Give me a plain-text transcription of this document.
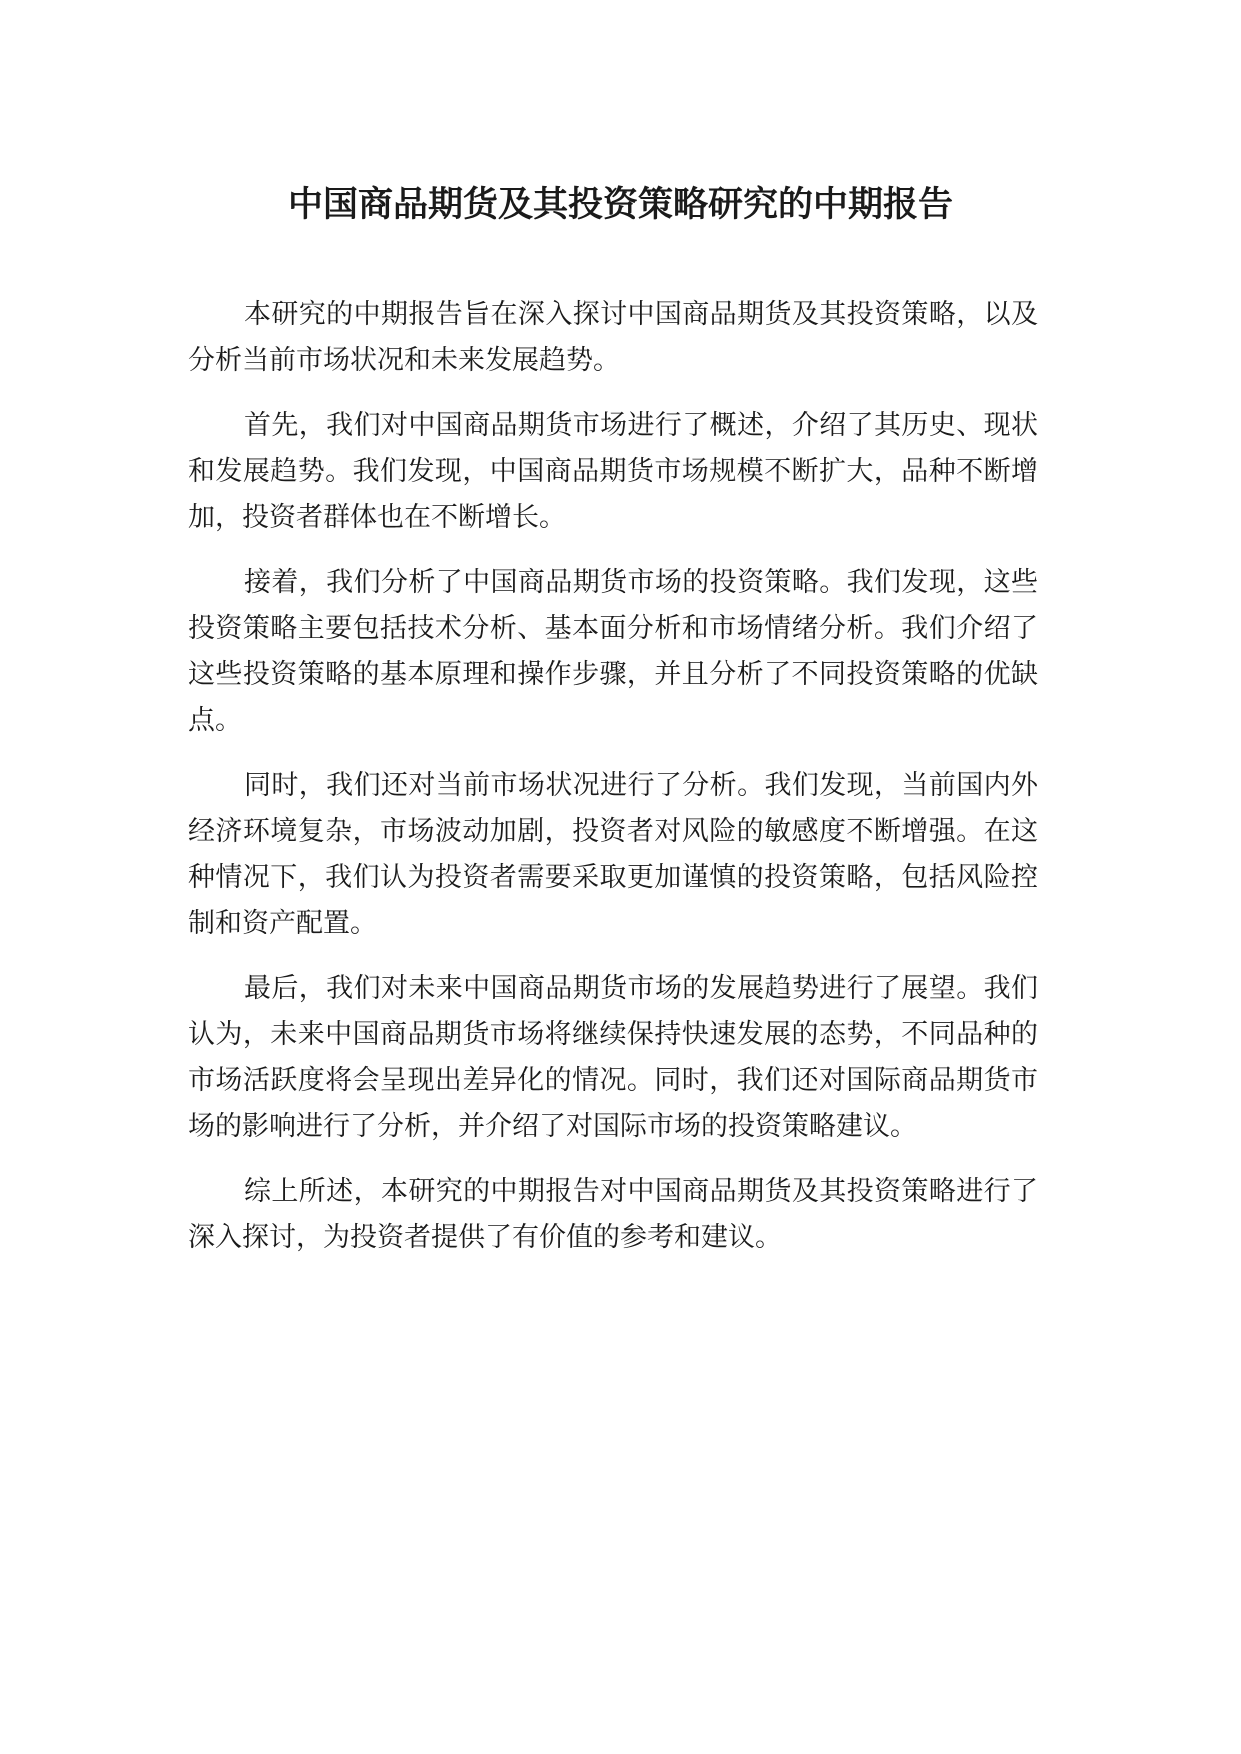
中国商品期货及其投资策略研究的中期报告

本研究的中期报告旨在深入探讨中国商品期货及其投资策略，以及分析当前市场状况和未来发展趋势。

首先，我们对中国商品期货市场进行了概述，介绍了其历史、现状和发展趋势。我们发现，中国商品期货市场规模不断扩大，品种不断增加，投资者群体也在不断增长。

接着，我们分析了中国商品期货市场的投资策略。我们发现，这些投资策略主要包括技术分析、基本面分析和市场情绪分析。我们介绍了这些投资策略的基本原理和操作步骤，并且分析了不同投资策略的优缺点。

同时，我们还对当前市场状况进行了分析。我们发现，当前国内外经济环境复杂，市场波动加剧，投资者对风险的敏感度不断增强。在这种情况下，我们认为投资者需要采取更加谨慎的投资策略，包括风险控制和资产配置。

最后，我们对未来中国商品期货市场的发展趋势进行了展望。我们认为，未来中国商品期货市场将继续保持快速发展的态势，不同品种的市场活跃度将会呈现出差异化的情况。同时，我们还对国际商品期货市场的影响进行了分析，并介绍了对国际市场的投资策略建议。

综上所述，本研究的中期报告对中国商品期货及其投资策略进行了深入探讨，为投资者提供了有价值的参考和建议。
